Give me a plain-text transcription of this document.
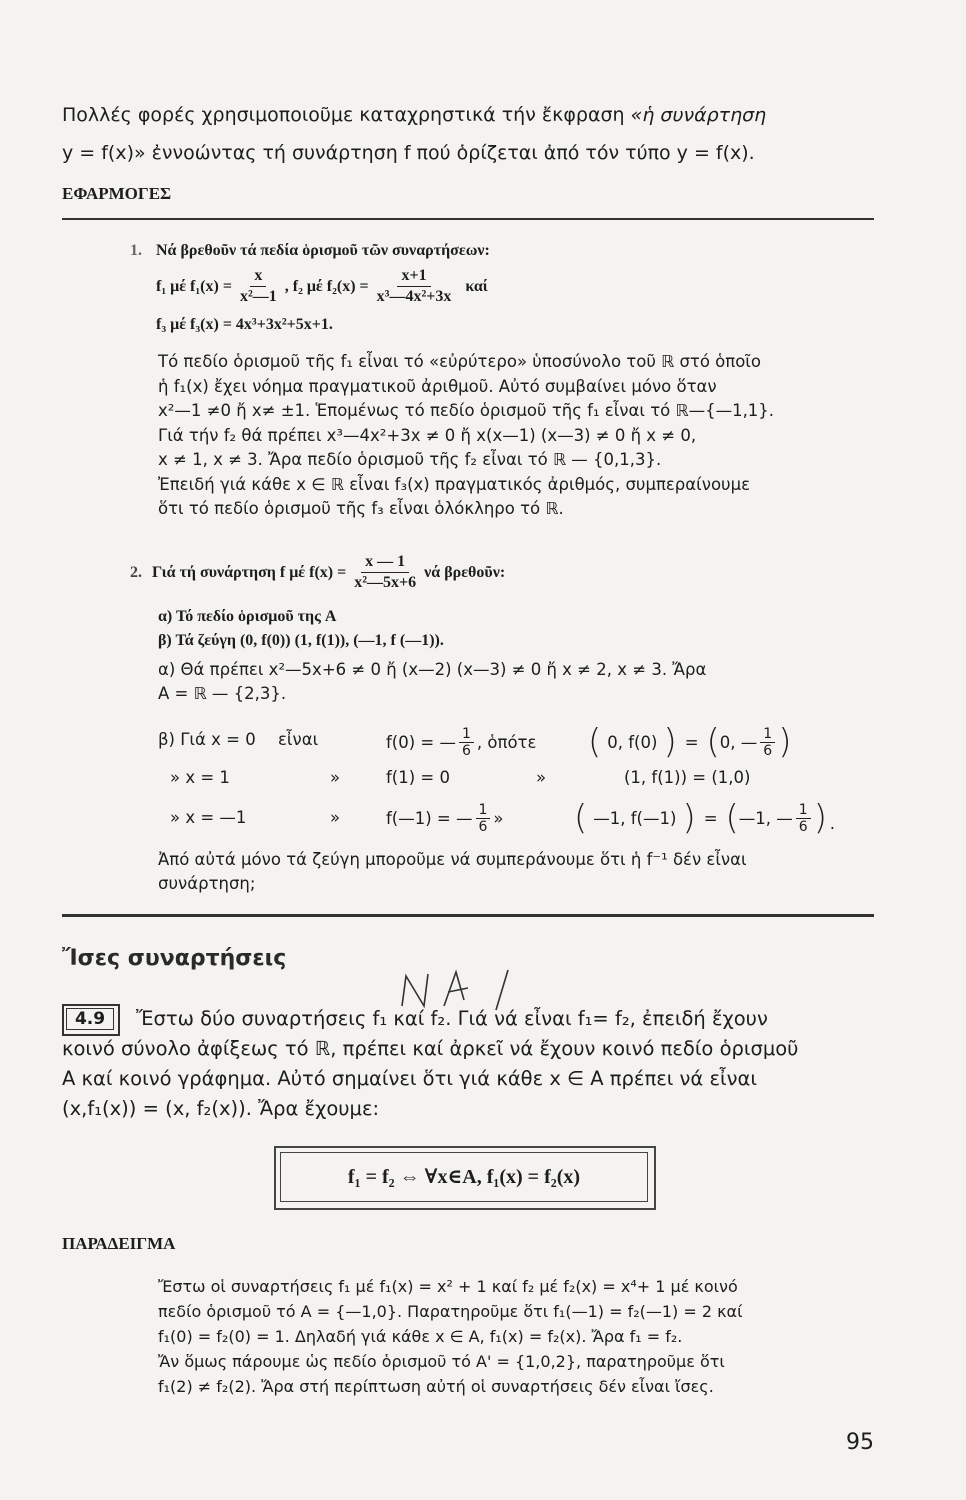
Πολλές φορές χρησιμοποιοῦμε καταχρηστικά τήν ἔκφραση «ἡ συνάρτηση
y = f(x)» ἐννοώντας τή συνάρτηση f πού ὁρίζεται ἀπό τόν τύπο y = f(x).
ΕΦΑΡΜΟΓΕΣ
1. Νά βρεθοῦν τά πεδία ὁρισμοῦ τῶν συναρτήσεων:
f₁ μέ $f_1(x) = \frac{x}{\text{x²—1}}$ , f₂ μέ $f_2(x) = \frac{x+1}{\text{x³—4x²+3x}}$ καί
f₃ μέ f₃(x) = 4x³+3x²+5x+1.
Τό πεδίο ὁρισμοῦ τῆς f₁ εἶναι τό «εὐρύτερο» ὑποσύνολο τοῦ ℝ στό ὁποῖο
ἡ f₁(x) ἔχει νόημα πραγματικοῦ ἀριθμοῦ. Αὐτό συμβαίνει μόνο ὅταν
x²—1 ≠0 ἤ x≠ ±1. Ἑπομένως τό πεδίο ὁρισμοῦ τῆς f₁ εἶναι τό ℝ—{—1,1}.
Γιά τήν f₂ θά πρέπει x³—4x²+3x ≠ 0 ἤ x(x—1) (x—3) ≠ 0 ἤ x ≠ 0,
x ≠ 1, x ≠ 3. Ἄρα πεδίο ὁρισμοῦ τῆς f₂ εἶναι τό ℝ — {0,1,3}.
Ἐπειδή γιά κάθε x ∈ ℝ εἶναι f₃(x) πραγματικός ἀριθμός, συμπεραίνουμε
ὅτι τό πεδίο ὁρισμοῦ τῆς f₃ εἶναι ὁλόκληρο τό ℝ.
2. Γιά τή συνάρτηση f μέ $f(x) = \frac{x — 1}{\text{x²—5x+6}}$ νά βρεθοῦν:
α) Τό πεδίο ὁρισμοῦ της A
β) Τά ζεύγη (0, f(0)) (1, f(1)), (—1, f (—1)).
α) Θά πρέπει x²—5x+6 ≠ 0 ἤ (x—2) (x—3) ≠ 0 ἤ x ≠ 2, x ≠ 3. Ἄρα
A = ℝ — {2,3}.
β) Γιά x = 0 εἶναι	f(0) = — $\frac{1}{6}$ , ὁπότε ( 0, f(0) ) = ( 0, — $\frac{1}{6}$ )
» x = 1	»	f(1) = 0	»	(1, f(1)) = (1,0)
» x = —1	»	f(—1) = — $\frac{1}{6}$ » ( —1, f(—1) ) = ( —1, — $\frac{1}{6}$ ).
Ἀπό αὐτά μόνο τά ζεύγη μποροῦμε νά συμπεράνουμε ὅτι ἡ f⁻¹ δέν εἶναι
συνάρτηση;
Ἴσες συναρτήσεις	N A/
4.9	Ἔστω δύο συναρτήσεις f₁ καί f₂. Γιά νά εἶναι f₁= f₂, ἐπειδή ἔχουν
κοινό σύνολο ἀφίξεως τό ℝ, πρέπει καί ἀρκεῖ νά ἔχουν κοινό πεδίο ὁρισμοῦ
A καί κοινό γράφημα. Αὐτό σημαίνει ὅτι γιά κάθε x ∈ A πρέπει νά εἶναι
(x,f₁(x)) = (x, f₂(x)). Ἄρα ἔχουμε:
f₁ = f₂ ⇔ ∀x∈A, f₁(x) = f₂(x)
ΠΑΡΑΔΕΙΓΜΑ
Ἔστω οἱ συναρτήσεις f₁ μέ f₁(x) = x² + 1 καί f₂ μέ f₂(x) = x⁴+ 1 μέ κοινό
πεδίο ὁρισμοῦ τό A = {—1,0}. Παρατηροῦμε ὅτι f₁(—1) = f₂(—1) = 2 καί
f₁(0) = f₂(0) = 1. Δηλαδή γιά κάθε x ∈ A, f₁(x) = f₂(x). Ἄρα f₁ = f₂.
Ἄν ὅμως πάρουμε ὡς πεδίο ὁρισμοῦ τό A' = {1,0,2}, παρατηροῦμε ὅτι
f₁(2) ≠ f₂(2). Ἄρα στή περίπτωση αὐτή οἱ συναρτήσεις δέν εἶναι ἴσες.
95
